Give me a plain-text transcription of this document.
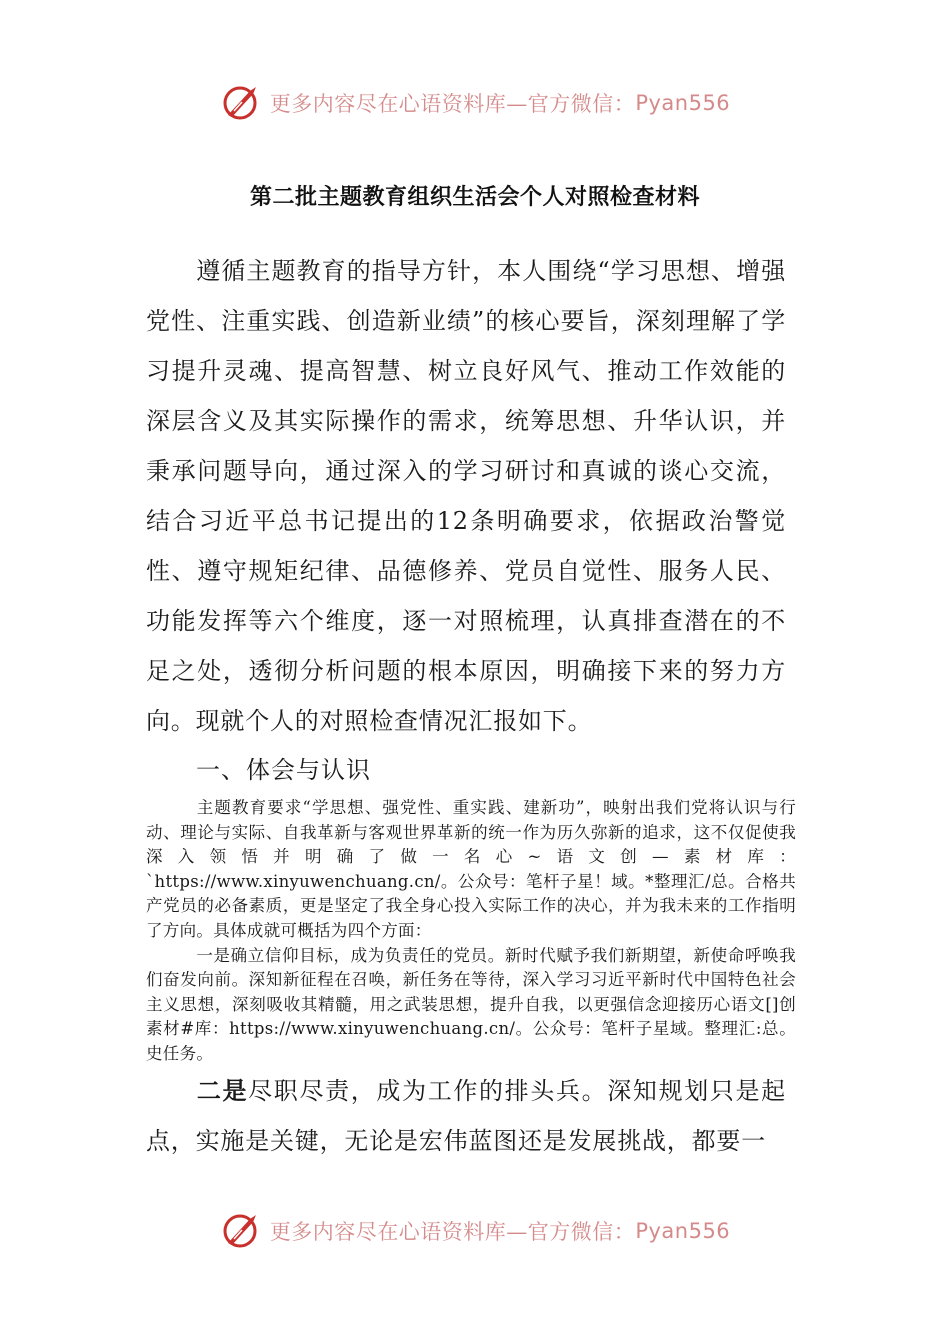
更多内容尽在心语资料库—官方微信： Pyan556
第二批主题教育组织生活会个人对照检查材料

遵循主题教育的指导方针，本人围绕“学习思想、增强党性、注重实践、创造新业绩”的核心要旨，深刻理解了学习提升灵魂、提高智慧、树立良好风气、推动工作效能的深层含义及其实际操作的需求，统筹思想、升华认识，并秉承问题导向，通过深入的学习研讨和真诚的谈心交流，结合习近平总书记提出的12条明确要求，依据政治警觉性、遵守规矩纪律、品德修养、党员自觉性、服务人民、功能发挥等六个维度，逐一对照梳理，认真排查潜在的不足之处，透彻分析问题的根本原因，明确接下来的努力方向。现就个人的对照检查情况汇报如下。

一、体会与认识

主题教育要求“学思想、强党性、重实践、建新功”，映射出我们党将认识与行动、理论与实际、自我革新与客观世界革新的统一作为历久弥新的追求，这不仅促使我深入领悟并明确了做一名心~语文创—素材库：`https://www.xinyuwenchuang.cn/。公众号：笔杆子星！域。*整理汇/总。合格共产党员的必备素质，更是坚定了我全身心投入实际工作的决心，并为我未来的工作指明了方向。具体成就可概括为四个方面：

一是确立信仰目标，成为负责任的党员。新时代赋予我们新期望，新使命呼唤我们奋发向前。深知新征程在召唤，新任务在等待，深入学习习近平新时代中国特色社会主义思想，深刻吸收其精髓，用之武装思想，提升自我，以更强信念迎接历心语文[]创素材#库：https://www.xinyuwenchuang.cn/。公众号：笔杆子星域。整理汇:总。史任务。

二是尽职尽责，成为工作的排头兵。深知规划只是起点，实施是关键，无论是宏伟蓝图还是发展挑战，都要一

更多内容尽在心语资料库—官方微信： Pyan556
